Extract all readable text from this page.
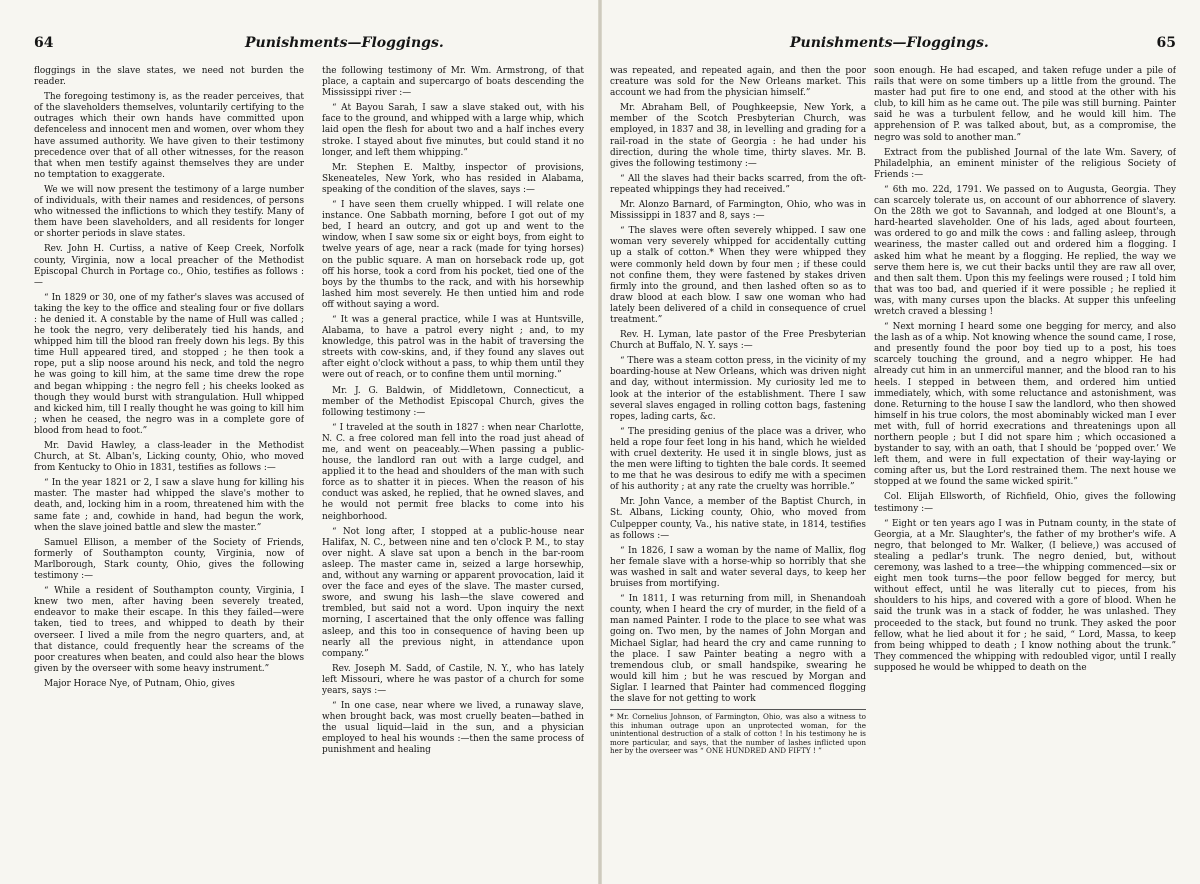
64	Punishments—Floggings.

floggings in the slave states, we need not burden the reader.

The foregoing testimony is, as the reader perceives, that of the slaveholders themselves, voluntarily certifying to the outrages which their own hands have committed upon defenceless and innocent men and women, over whom they have assumed authority. We have given to their testimony precedence over that of all other witnesses, for the reason that when men testify against themselves they are under no temptation to exaggerate.

We we will now present the testimony of a large number of individuals, with their names and residences, of persons who witnessed the inflictions to which they testify. Many of them have been slaveholders, and all residents for longer or shorter periods in slave states.

Rev. John H. Curtiss, a native of Keep Creek, Norfolk county, Virginia, now a local preacher of the Methodist Episcopal Church in Portage co., Ohio, testifies as follows :—

“ In 1829 or 30, one of my father's slaves was accused of taking the key to the office and stealing four or five dollars : he denied it. A constable by the name of Hull was called ; he took the negro, very deliberately tied his hands, and whipped him till the blood ran freely down his legs. By this time Hull appeared tired, and stopped ; he then took a rope, put a slip noose around his neck, and told the negro he was going to kill him, at the same time drew the rope and began whipping : the negro fell ; his cheeks looked as though they would burst with strangulation. Hull whipped and kicked him, till I really thought he was going to kill him ; when he ceased, the negro was in a complete gore of blood from head to foot.”

Mr. David Hawley, a class-leader in the Methodist Church, at St. Alban's, Licking county, Ohio, who moved from Kentucky to Ohio in 1831, testifies as follows :—

“ In the year 1821 or 2, I saw a slave hung for killing his master. The master had whipped the slave's mother to death, and, locking him in a room, threatened him with the same fate ; and, cowhide in hand, had begun the work, when the slave joined battle and slew the master.”

Samuel Ellison, a member of the Society of Friends, formerly of Southampton county, Virginia, now of Marlborough, Stark county, Ohio, gives the following testimony :—

“ While a resident of Southampton county, Virginia, I knew two men, after having been severely treated, endeavor to make their escape. In this they failed—were taken, tied to trees, and whipped to death by their overseer. I lived a mile from the negro quarters, and, at that distance, could frequently hear the screams of the poor creatures when beaten, and could also hear the blows given by the overseer with some heavy instrument.”

Major Horace Nye, of Putnam, Ohio, gives

the following testimony of Mr. Wm. Armstrong, of that place, a captain and supercargo of boats descending the Mississippi river :—

“ At Bayou Sarah, I saw a slave staked out, with his face to the ground, and whipped with a large whip, which laid open the flesh for about two and a half inches every stroke. I stayed about five minutes, but could stand it no longer, and left them whipping.”

Mr. Stephen E. Maltby, inspector of provisions, Skeneateles, New York, who has resided in Alabama, speaking of the condition of the slaves, says :—

“ I have seen them cruelly whipped. I will relate one instance. One Sabbath morning, before I got out of my bed, I heard an outcry, and got up and went to the window, when I saw some six or eight boys, from eight to twelve years of age, near a rack (made for tying horses) on the public square. A man on horseback rode up, got off his horse, took a cord from his pocket, tied one of the boys by the thumbs to the rack, and with his horsewhip lashed him most severely. He then untied him and rode off without saying a word.

“ It was a general practice, while I was at Huntsville, Alabama, to have a patrol every night ; and, to my knowledge, this patrol was in the habit of traversing the streets with cow-skins, and, if they found any slaves out after eight o'clock without a pass, to whip them until they were out of reach, or to confine them until morning.”

Mr. J. G. Baldwin, of Middletown, Connecticut, a member of the Methodist Episcopal Church, gives the following testimony :—

“ I traveled at the south in 1827 : when near Charlotte, N. C. a free colored man fell into the road just ahead of me, and went on peaceably.—When passing a public-house, the landlord ran out with a large cudgel, and applied it to the head and shoulders of the man with such force as to shatter it in pieces. When the reason of his conduct was asked, he replied, that he owned slaves, and he would not permit free blacks to come into his neighborhood.

“ Not long after, I stopped at a public-house near Halifax, N. C., between nine and ten o'clock P. M., to stay over night. A slave sat upon a bench in the bar-room asleep. The master came in, seized a large horsewhip, and, without any warning or apparent provocation, laid it over the face and eyes of the slave. The master cursed, swore, and swung his lash—the slave cowered and trembled, but said not a word. Upon inquiry the next morning, I ascertained that the only offence was falling asleep, and this too in consequence of having been up nearly all the previous night, in attendance upon company.”

Rev. Joseph M. Sadd, of Castile, N. Y., who has lately left Missouri, where he was pastor of a church for some years, says :—

“ In one case, near where we lived, a runaway slave, when brought back, was most cruelly beaten—bathed in the usual liquid—laid in the sun, and a physician employed to heal his wounds :—then the same process of punishment and healing

Punishments—Floggings.	65

was repeated, and repeated again, and then the poor creature was sold for the New Orleans market. This account we had from the physician himself.”

Mr. Abraham Bell, of Poughkeepsie, New York, a member of the Scotch Presbyterian Church, was employed, in 1837 and 38, in levelling and grading for a rail-road in the state of Georgia : he had under his direction, during the whole time, thirty slaves. Mr. B. gives the following testimony :—

“ All the slaves had their backs scarred, from the oft-repeated whippings they had received.”

Mr. Alonzo Barnard, of Farmington, Ohio, who was in Mississippi in 1837 and 8, says :—

“ The slaves were often severely whipped. I saw one woman very severely whipped for accidentally cutting up a stalk of cotton.* When they were whipped they were commonly held down by four men ; if these could not confine them, they were fastened by stakes driven firmly into the ground, and then lashed often so as to draw blood at each blow. I saw one woman who had lately been delivered of a child in consequence of cruel treatment.”

Rev. H. Lyman, late pastor of the Free Presbyterian Church at Buffalo, N. Y. says :—

“ There was a steam cotton press, in the vicinity of my boarding-house at New Orleans, which was driven night and day, without intermission. My curiosity led me to look at the interior of the establishment. There I saw several slaves engaged in rolling cotton bags, fastening ropes, lading carts, &c.

“ The presiding genius of the place was a driver, who held a rope four feet long in his hand, which he wielded with cruel dexterity. He used it in single blows, just as the men were lifting to tighten the bale cords. It seemed to me that he was desirous to edify me with a specimen of his authority ; at any rate the cruelty was horrible.”

Mr. John Vance, a member of the Baptist Church, in St. Albans, Licking county, Ohio, who moved from Culpepper county, Va., his native state, in 1814, testifies as follows :—

“ In 1826, I saw a woman by the name of Mallix, flog her female slave with a horse-whip so horribly that she was washed in salt and water several days, to keep her bruises from mortifying.

“ In 1811, I was returning from mill, in Shenandoah county, when I heard the cry of murder, in the field of a man named Painter. I rode to the place to see what was going on. Two men, by the names of John Morgan and Michael Siglar, had heard the cry and came running to the place. I saw Painter beating a negro with a tremendous club, or small handspike, swearing he would kill him ; but he was rescued by Morgan and Siglar. I learned that Painter had commenced flogging the slave for not getting to work

* Mr. Cornelius Johnson, of Farmington, Ohio, was also a witness to this inhuman outrage upon an unprotected woman, for the unintentional destruction of a stalk of cotton ! In his testimony he is more particular, and says, that the number of lashes inflicted upon her by the overseer was “ ONE HUNDRED AND FIFTY ! ”

soon enough. He had escaped, and taken refuge under a pile of rails that were on some timbers up a little from the ground. The master had put fire to one end, and stood at the other with his club, to kill him as he came out. The pile was still burning. Painter said he was a turbulent fellow, and he would kill him. The apprehension of P. was talked about, but, as a compromise, the negro was sold to another man.”

Extract from the published Journal of the late Wm. Savery, of Philadelphia, an eminent minister of the religious Society of Friends :—

“ 6th mo. 22d, 1791. We passed on to Augusta, Georgia. They can scarcely tolerate us, on account of our abhorrence of slavery. On the 28th we got to Savannah, and lodged at one Blount's, a hard-hearted slaveholder. One of his lads, aged about fourteen, was ordered to go and milk the cows : and falling asleep, through weariness, the master called out and ordered him a flogging. I asked him what he meant by a flogging. He replied, the way we serve them here is, we cut their backs until they are raw all over, and then salt them. Upon this my feelings were roused ; I told him that was too bad, and queried if it were possible ; he replied it was, with many curses upon the blacks. At supper this unfeeling wretch craved a blessing !

“ Next morning I heard some one begging for mercy, and also the lash as of a whip. Not knowing whence the sound came, I rose, and presently found the poor boy tied up to a post, his toes scarcely touching the ground, and a negro whipper. He had already cut him in an unmerciful manner, and the blood ran to his heels. I stepped in between them, and ordered him untied immediately, which, with some reluctance and astonishment, was done. Returning to the house I saw the landlord, who then showed himself in his true colors, the most abominably wicked man I ever met with, full of horrid execrations and threatenings upon all northern people ; but I did not spare him ; which occasioned a bystander to say, with an oath, that I should be ‘popped over.’ We left them, and were in full expectation of their way-laying or coming after us, but the Lord restrained them. The next house we stopped at we found the same wicked spirit.”

Col. Elijah Ellsworth, of Richfield, Ohio, gives the following testimony :—

“ Eight or ten years ago I was in Putnam county, in the state of Georgia, at a Mr. Slaughter's, the father of my brother's wife. A negro, that belonged to Mr. Walker, (I believe,) was accused of stealing a pedlar's trunk. The negro denied, but, without ceremony, was lashed to a tree—the whipping commenced—six or eight men took turns—the poor fellow begged for mercy, but without effect, until he was literally cut to pieces, from his shoulders to his hips, and covered with a gore of blood. When he said the trunk was in a stack of fodder, he was unlashed. They proceeded to the stack, but found no trunk. They asked the poor fellow, what he lied about it for ; he said, “ Lord, Massa, to keep from being whipped to death ; I know nothing about the trunk.” They commenced the whipping with redoubled vigor, until I really supposed he would be whipped to death on the
